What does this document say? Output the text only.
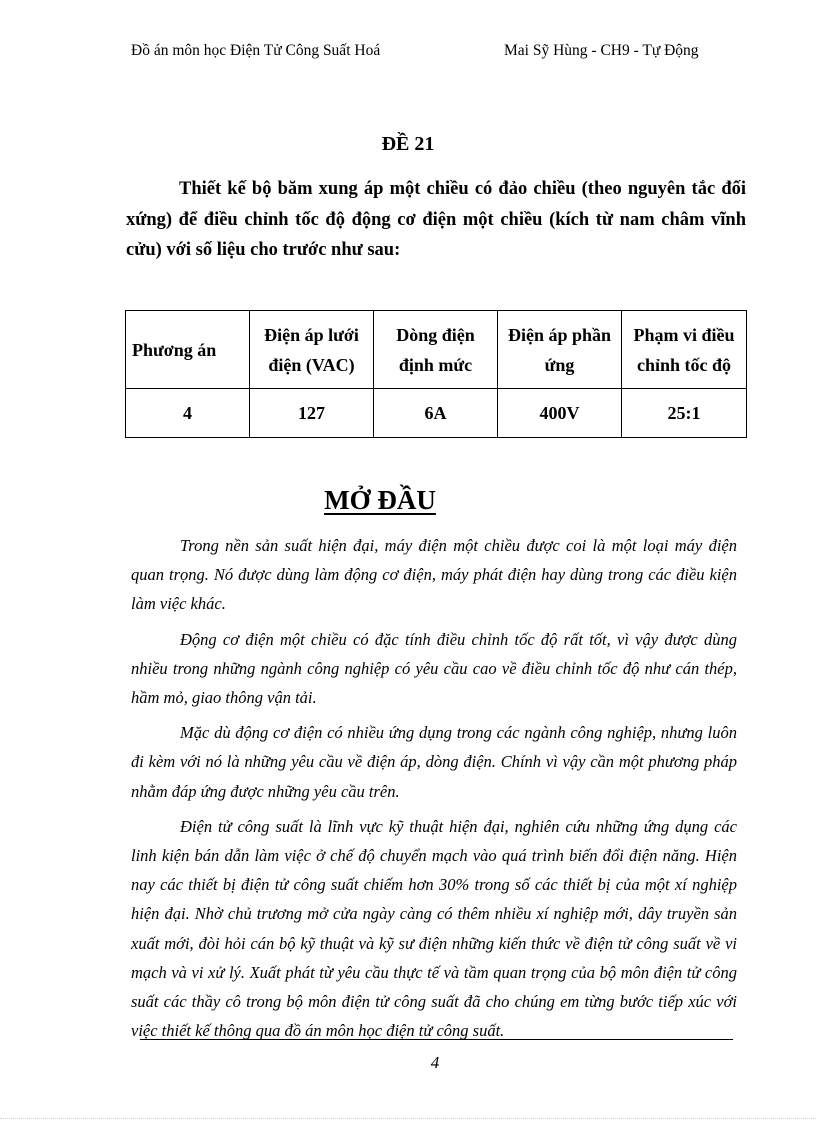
Đồ án môn học Điện Tử Công Suất Hoá	Mai Sỹ Hùng - CH9 - Tự Động
ĐỀ 21

Thiết kế bộ băm xung áp một chiều có đảo chiều (theo nguyên tắc đối xứng) để điều chỉnh tốc độ động cơ điện một chiều (kích từ nam châm vĩnh cửu) với số liệu cho trước như sau:

Phương án	Điện áp lưới điện (VAC)	Dòng điện định mức	Điện áp phần ứng	Phạm vi điều chỉnh tốc độ
4	127	6A	400V	25:1
MỞ ĐẦU

Trong nền sản suất hiện đại, máy điện một chiều được coi là một loại máy điện quan trọng. Nó được dùng làm động cơ điện, máy phát điện hay dùng trong các điều kiện làm việc khác.

Động cơ điện một chiều có đặc tính điều chỉnh tốc độ rất tốt, vì vậy được dùng nhiều trong những ngành công nghiệp có yêu cầu cao về điều chỉnh tốc độ như cán thép, hầm mỏ, giao thông vận tải.

Mặc dù động cơ điện có nhiều ứng dụng trong các ngành công nghiệp, nhưng luôn đi kèm với nó là những yêu cầu về điện áp, dòng điện. Chính vì vậy cần một phương pháp nhằm đáp ứng được những yêu cầu trên.

Điện tử công suất là lĩnh vực kỹ thuật hiện đại, nghiên cứu những ứng dụng các linh kiện bán dẫn làm việc ở chế độ chuyển mạch vào quá trình biến đổi điện năng. Hiện nay các thiết bị điện tử công suất chiếm hơn 30% trong số các thiết bị của một xí nghiệp hiện đại. Nhờ chủ trương mở cửa ngày càng có thêm nhiều xí nghiệp mới, dây truyền sản xuất mới, đòi hỏi cán bộ kỹ thuật và kỹ sư điện những kiến thức về điện tử công suất về vi mạch và vi xử lý. Xuất phát từ yêu cầu thực tế và tầm quan trọng của bộ môn điện tử công suất các thầy cô trong bộ môn điện tử công suất đã cho chúng em từng bước tiếp xúc với việc thiết kế thông qua đồ án môn học điện tử công suất.

4
